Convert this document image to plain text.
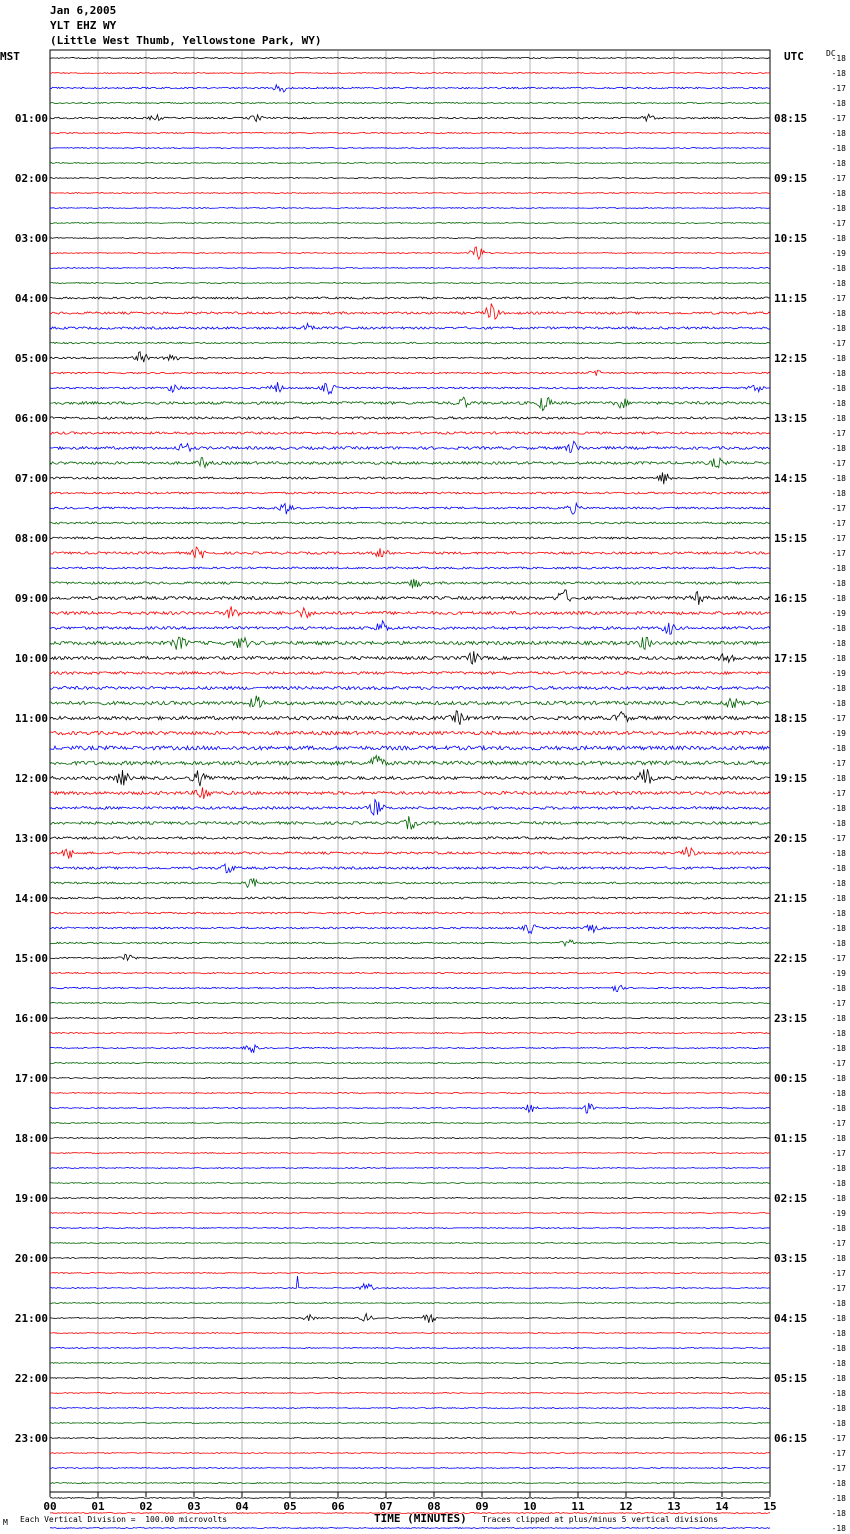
Jan 6,2005
YLT EHZ WY
(Little West Thumb, Yellowstone Park, WY)
MST	UTC	DC
00	01	02	03	04	05	06	07	08	09	10	11	12	13	14	15
-18
-18
-17
-18
-17
-18
-18
-18
-17
-18
-18
-17
-18
-19
-18
-18
-17
-18
-18
-17
-18
-18
-18
-18
-18
-17
-18
-17
-18
-18
-17
-17
-17
-17
-18
-18
-18
-19
-18
-18
-18
-19
-18
-18
-17
-19
-18
-17
-18
-17
-18
-18
-17
-18
-18
-18
-18
-18
-18
-18
-17
-19
-18
-17
-18
-18
-18
-17
-18
-18
-18
-17
-18
-17
-18
-18
-18
-19
-18
-17
-18
-17
-17
-18
-18
-18
-18
-18
-18
-18
-18
-18
-17
-17
-17
-18
-18
-18
-18
01:00	08:15
02:00	09:15
03:00	10:15
04:00	11:15
05:00	12:15
06:00	13:15
07:00	14:15
08:00	15:15
09:00	16:15
10:00	17:15
11:00	18:15
12:00	19:15
13:00	20:15
14:00	21:15
15:00	22:15
16:00	23:15
17:00	00:15
18:00	01:15
19:00	02:15
20:00	03:15
21:00	04:15
22:00	05:15
23:00	06:15
TIME (MINUTES)
M Each Vertical Division =  100.00 microvolts	Traces clipped at plus/minus 5 vertical divisions
